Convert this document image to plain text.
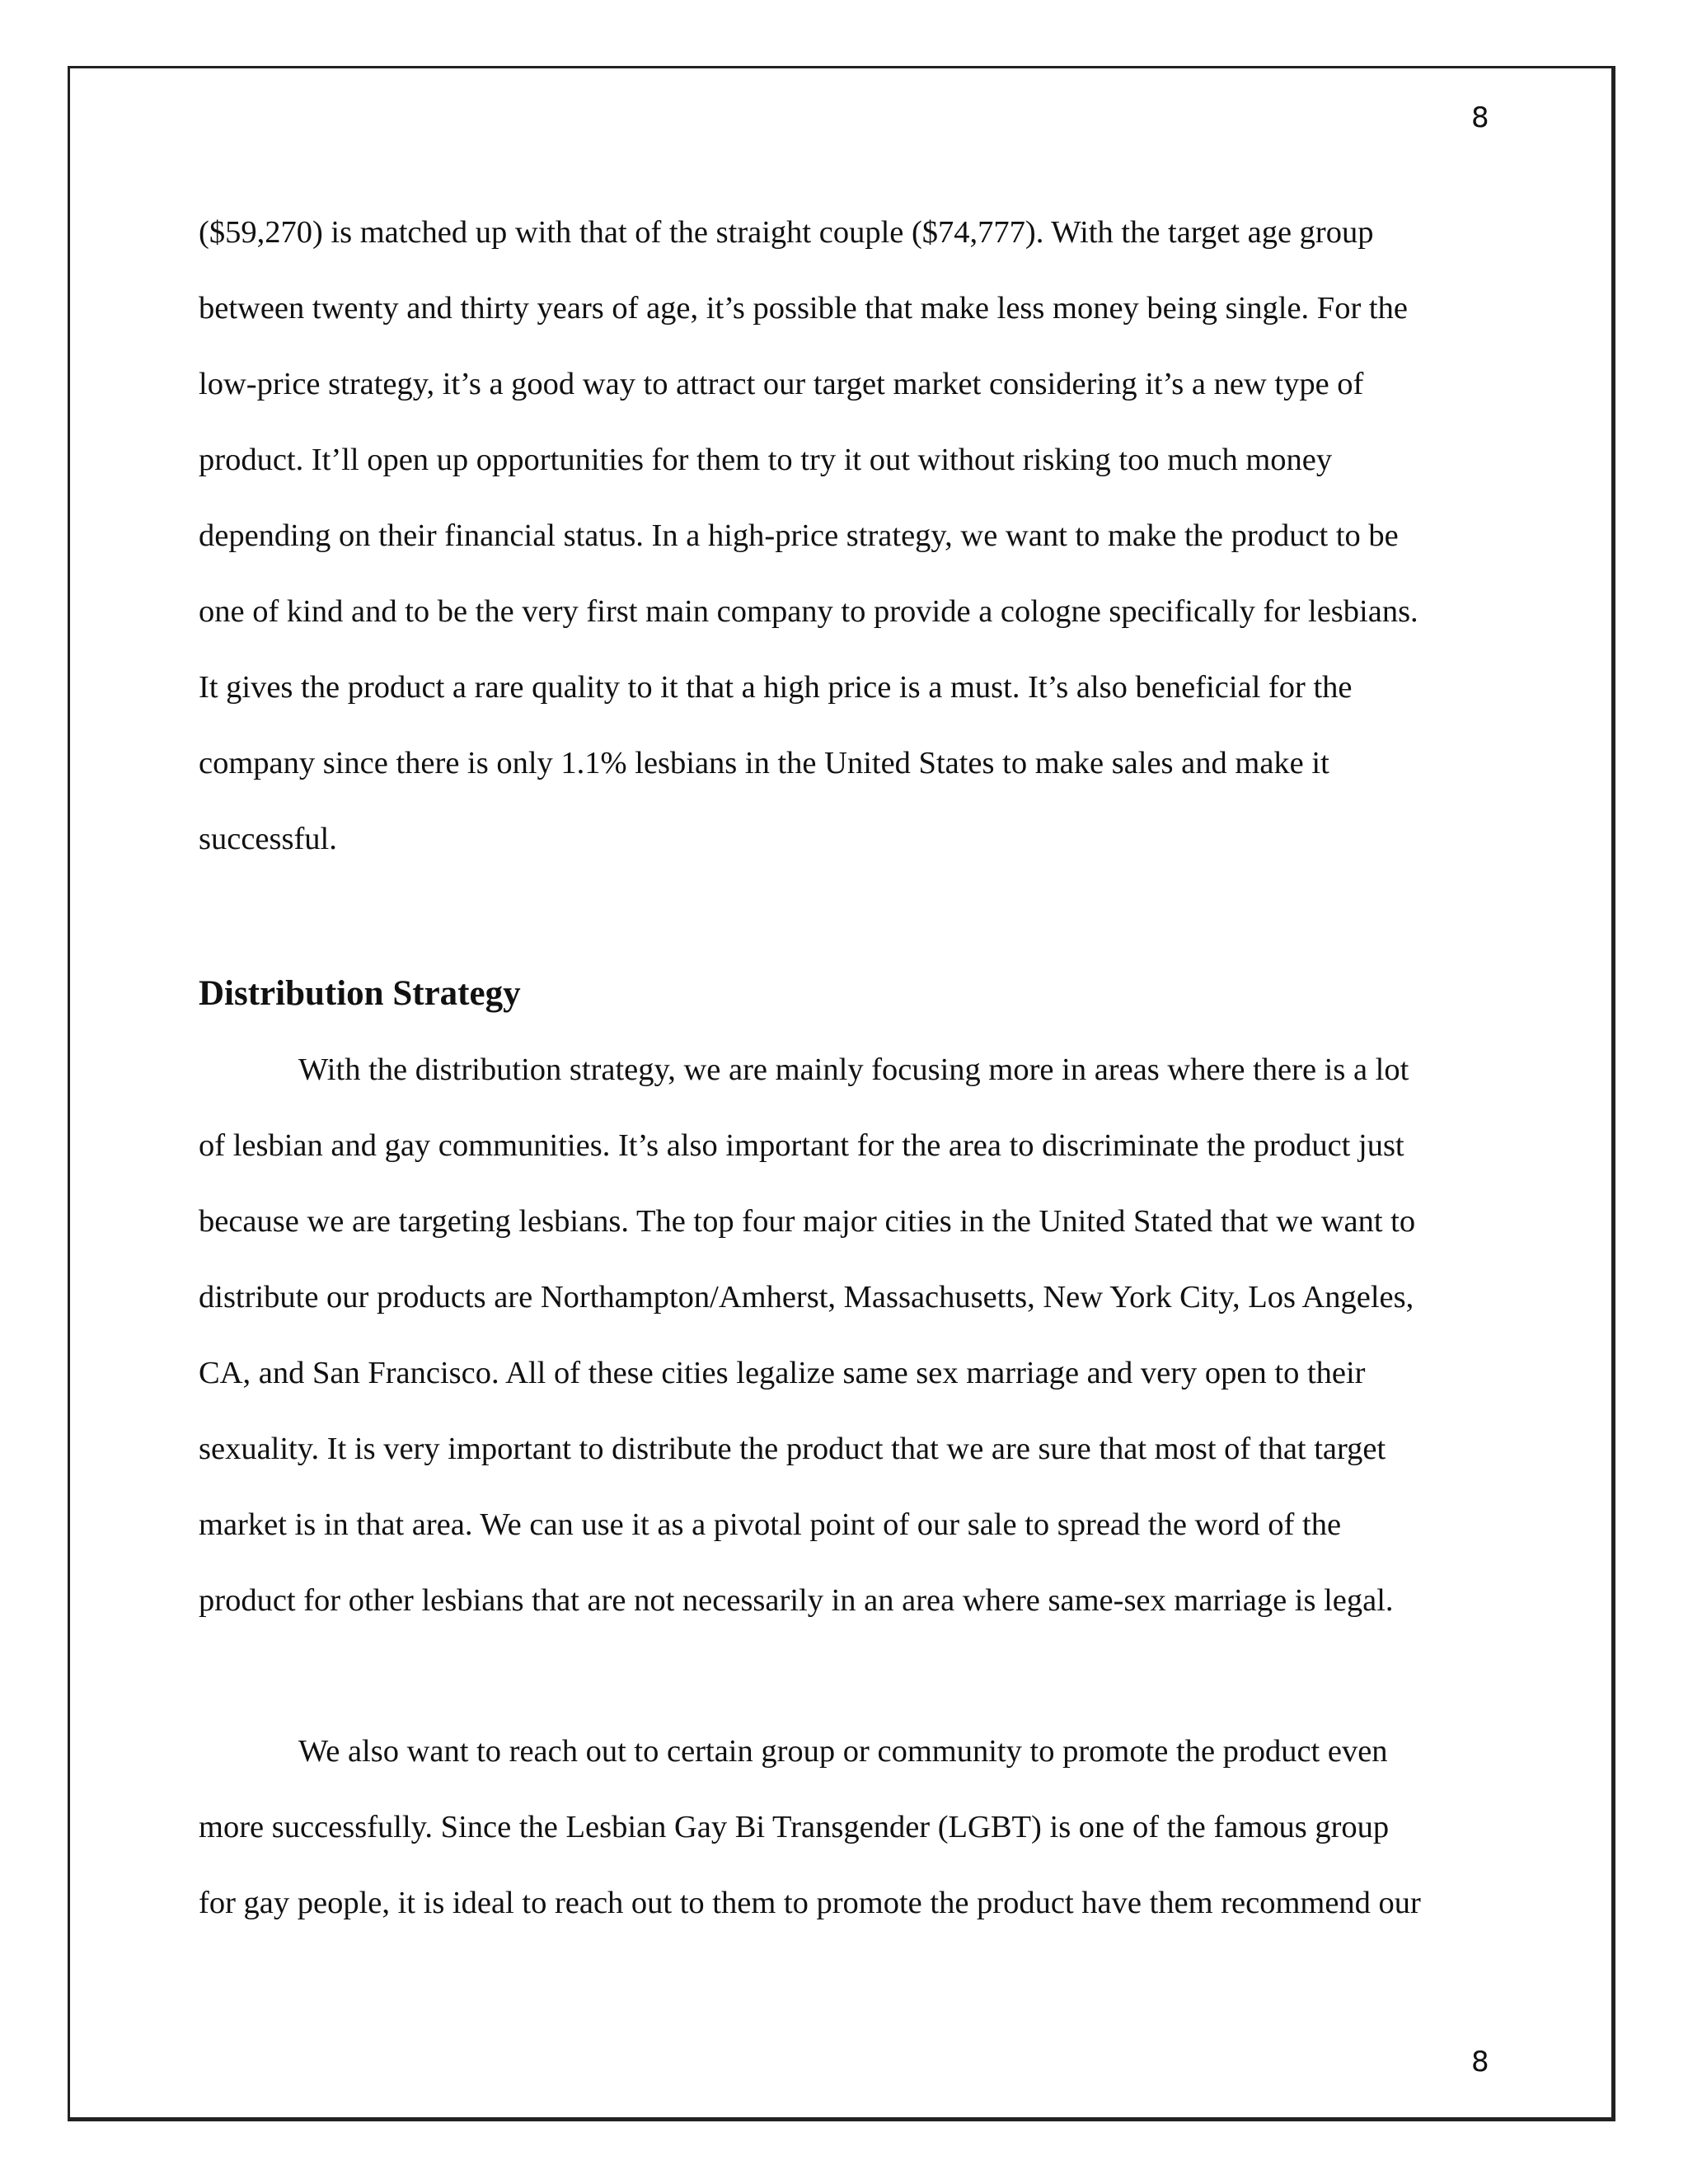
8

($59,270) is matched up with that of the straight couple ($74,777). With the target age group

between twenty and thirty years of age, it’s possible that make less money being single. For the

low-price strategy, it’s a good way to attract our target market considering it’s a new type of

product. It’ll open up opportunities for them to try it out without risking too much money

depending on their financial status. In a high-price strategy, we want to make the product to be

one of kind and to be the very first main company to provide a cologne specifically for lesbians.

It gives the product a rare quality to it that a high price is a must. It’s also beneficial for the

company since there is only 1.1% lesbians in the United States to make sales and make it

successful.

Distribution Strategy

With the distribution strategy, we are mainly focusing more in areas where there is a lot

of lesbian and gay communities. It’s also important for the area to discriminate the product just

because we are targeting lesbians. The top four major cities in the United Stated that we want to

distribute our products are Northampton/Amherst, Massachusetts, New York City, Los Angeles,

CA, and San Francisco. All of these cities legalize same sex marriage and very open to their

sexuality. It is very important to distribute the product that we are sure that most of that target

market is in that area. We can use it as a pivotal point of our sale to spread the word of the

product for other lesbians that are not necessarily in an area where same-sex marriage is legal.

We also want to reach out to certain group or community to promote the product even

more successfully. Since the Lesbian Gay Bi Transgender (LGBT) is one of the famous group

for gay people, it is ideal to reach out to them to promote the product have them recommend our

8
